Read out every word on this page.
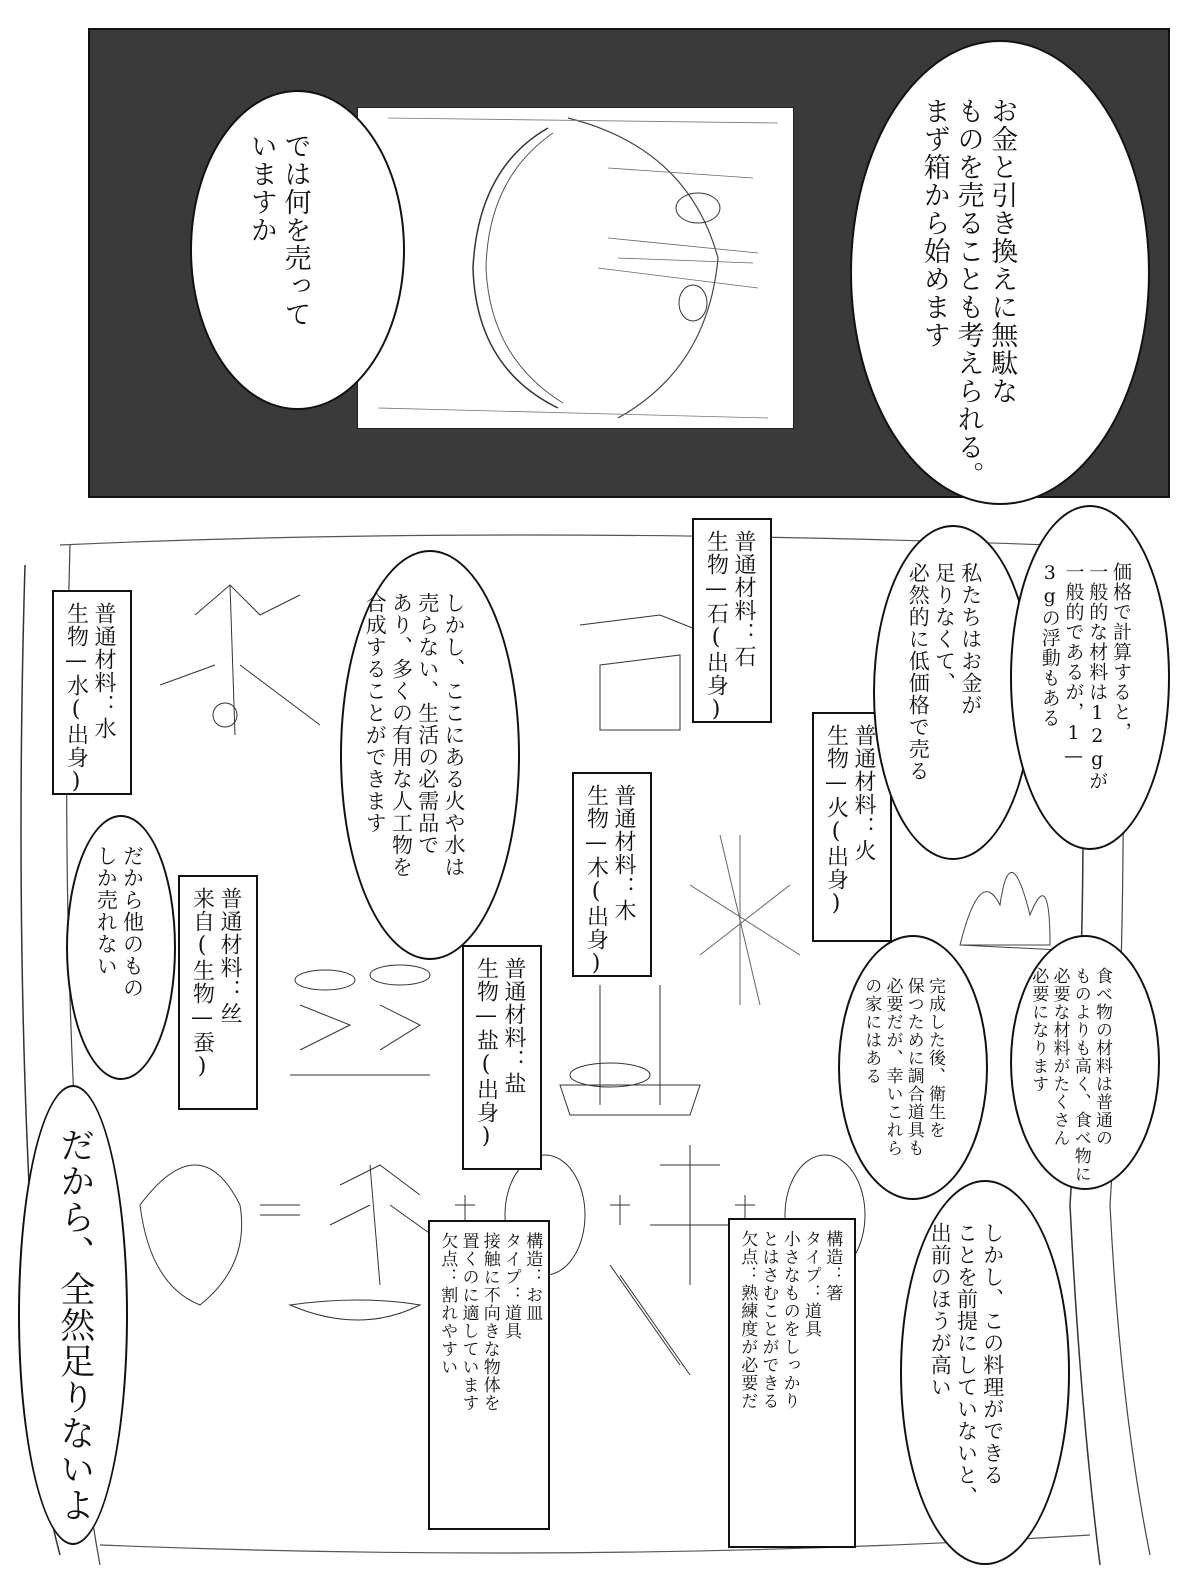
では何を売って
いますか	お金と引き換えに無駄な
ものを売ることも考えられる。
まず箱から始めます
普通材料：水
生物—水(出身)
普通材料：石
生物—石(出身)
普通材料：木
生物—木(出身)	普通材料：火
生物—火(出身)
普通材料：丝
来自(生物—蚕)	普通材料：盐
生物—盐(出身)
構造：お皿
タイプ：道具
接触に不向きな物体を
置くのに適しています
欠点：割れやすい	構造：箸
タイプ：道具
小さなものをしっかり
とはさむことができる
欠点：熟練度が必要だ
しかし、ここにある火や水は
売らない、生活の必需品で
あり、多くの有用な人工物を
合成することができます	私たちはお金が
足りなくて、
必然的に低価格で売る	価格で計算すると，
一般的な材料は12gが
一般的であるが，1—
3gの浮動もある
だから他のもの
しか売れない
完成した後、衛生を
保つために調合道具も
必要だが、幸いこれら
の家にはある	食べ物の材料は普通の
ものよりも高く、食べ物に
必要な材料がたくさん
必要になります
しかし、この料理ができる
ことを前提にしていないと、
出前のほうが高い
だから、全然足りないよ
